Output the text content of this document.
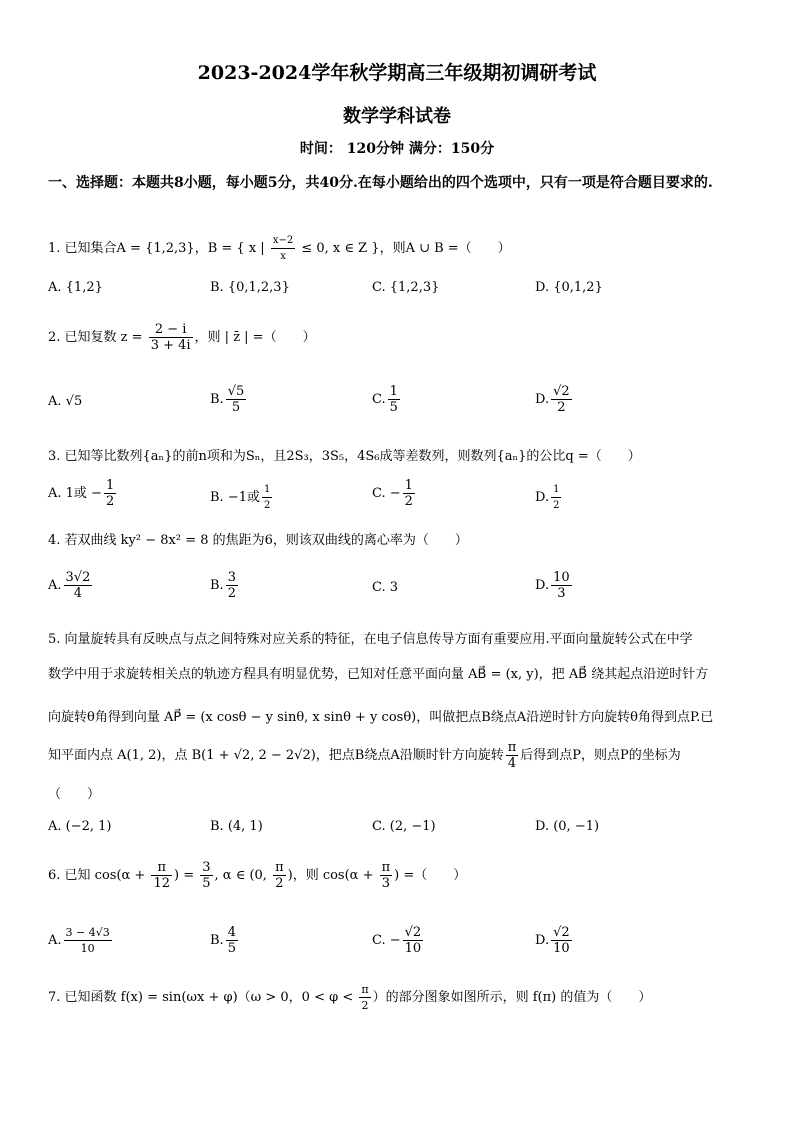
2023-2024学年秋学期高三年级期初调研考试
数学学科试卷
时间： 120分钟 满分：150分
一、选择题：本题共8小题，每小题5分，共40分.在每小题给出的四个选项中，只有一项是符合题目要求的.
1. 已知集合A = {1,2,3}，B = { x | $\frac{x-2}{x} \le 0$, x ∈ Z }，则A ∪ B =（　　）
A. {1,2}	B. {0,1,2,3}	C. {1,2,3}	D. {0,1,2}
2. 已知复数 $z = \frac{2 - i}{3 + 4i}$ ，则 | z̄ | =（　　）
A. √5	B. $\frac{√5}{5}$	C. $\frac{1}{5}$	D. $\frac{√2}{2}$
3. 已知等比数列{aₙ}的前n项和为Sₙ，且2S₃，3S₅，4S₆成等差数列，则数列{aₙ}的公比q =（　　）
A. 1或 − $\frac{1}{2}$	B. −1或 $\frac{1}{2}$	C. − $\frac{1}{2}$	D. $\frac{1}{2}$
4. 若双曲线 ky² − 8x² = 8 的焦距为6，则该双曲线的离心率为（　　）
A. $\frac{3√2}{4}$	B. $\frac{3}{2}$	C. 3	D. $\frac{10}{3}$
5. 向量旋转具有反映点与点之间特殊对应关系的特征，在电子信息传导方面有重要应用.平面向量旋转公式在中学
数学中用于求旋转相关点的轨迹方程具有明显优势，已知对任意平面向量 AB⃗ = (x, y)，把 AB⃗ 绕其起点沿逆时针方
向旋转θ角得到向量 AP⃗ = (x cosθ − y sinθ, x sinθ + y cosθ)，叫做把点B绕点A沿逆时针方向旋转θ角得到点P.已
知平面内点 A(1, 2)，点 B(1 + √2, 2 − 2√2)，把点B绕点A沿顺时针方向旋转 $\frac{\pi}{4}$ 后得到点P，则点P的坐标为
（　　）
A. (−2, 1)	B. (4, 1)	C. (2, −1)	D. (0, −1)
6. 已知 $\cos(\alpha + \frac{\pi}{12}$ ) = $\frac{3}{5}$ , α ∈ (0, $\frac{\pi}{2}$ )，则 $\cos(\alpha + \frac{\pi}{3}$ ) =（　　）
A. $\frac{3 - 4√3}{10}$	B. $\frac{4}{5}$	C. − $\frac{√2}{10}$	D. $\frac{√2}{10}$
7. 已知函数 f(x) = sin(ωx + φ)（ω > 0，$0 < \varphi < \frac{\pi}{2}$ ）的部分图象如图所示，则 f(π) 的值为（　　）
